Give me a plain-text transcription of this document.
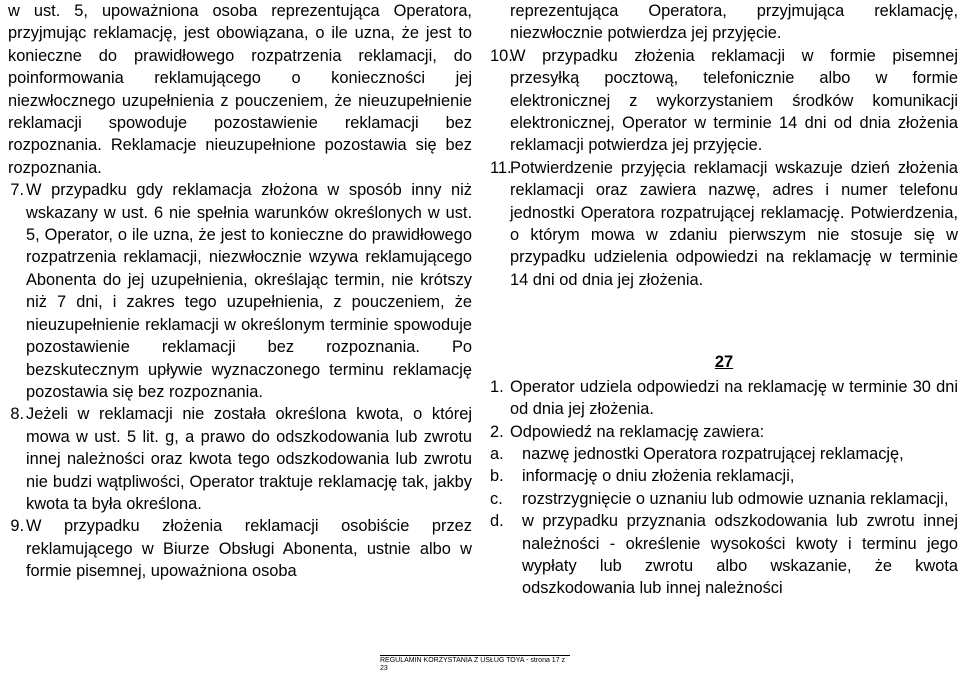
w ust. 5, upoważniona osoba reprezentująca Operatora, przyjmując reklamację, jest obowiązana, o ile uzna, że jest to konieczne do prawidłowego rozpatrzenia reklamacji, do poinformowania reklamującego o konieczności jej niezwłocznego uzupełnienia z pouczeniem, że nieuzupełnienie reklamacji spowoduje pozostawienie reklamacji bez rozpoznania. Reklamacje nieuzupełnione pozostawia się bez rozpoznania.
7. W przypadku gdy reklamacja złożona w sposób inny niż wskazany w ust. 6 nie spełnia warunków określonych w ust. 5, Operator, o ile uzna, że jest to konieczne do prawidłowego rozpatrzenia reklamacji, niezwłocznie wzywa reklamującego Abonenta do jej uzupełnienia, określając termin, nie krótszy niż 7 dni, i zakres tego uzupełnienia, z pouczeniem, że nieuzupełnienie reklamacji w określonym terminie spowoduje pozostawienie reklamacji bez rozpoznania. Po bezskutecznym upływie wyznaczonego terminu reklamację pozostawia się bez rozpoznania.
8. Jeżeli w reklamacji nie została określona kwota, o której mowa w ust. 5 lit. g, a prawo do odszkodowania lub zwrotu innej należności oraz kwota tego odszkodowania lub zwrotu nie budzi wątpliwości, Operator traktuje reklamację tak, jakby kwota ta była określona.
9. W przypadku złożenia reklamacji osobiście przez reklamującego w Biurze Obsługi Abonenta, ustnie albo w formie pisemnej, upoważniona osoba
reprezentująca Operatora, przyjmująca reklamację, niezwłocznie potwierdza jej przyjęcie.
10.
W przypadku złożenia reklamacji w formie pisemnej przesyłką pocztową, telefonicznie albo w formie elektronicznej z wykorzystaniem środków komunikacji elektronicznej, Operator w terminie 14 dni od dnia złożenia reklamacji potwierdza jej przyjęcie.
11.
Potwierdzenie przyjęcia reklamacji wskazuje dzień złożenia reklamacji oraz zawiera nazwę, adres i numer telefonu jednostki Operatora rozpatrującej reklamację. Potwierdzenia, o którym mowa w zdaniu pierwszym nie stosuje się w przypadku udzielenia odpowiedzi na reklamację w terminie 14 dni od dnia jej złożenia.
27
1. Operator udziela odpowiedzi na reklamację w terminie 30 dni od dnia jej złożenia.
2. Odpowiedź na reklamację zawiera:
a.	nazwę jednostki Operatora rozpatrującej reklamację,
b.	informację o dniu złożenia reklamacji,
c.	rozstrzygnięcie o uznaniu lub odmowie uznania reklamacji,
d.	w przypadku przyznania odszkodowania lub zwrotu innej należności - określenie wysokości kwoty i terminu jego wypłaty lub zwrotu albo wskazanie, że kwota odszkodowania lub innej należności
REGULAMIN KORZYSTANIA Z USŁUG TOYA - strona 17 z 23
